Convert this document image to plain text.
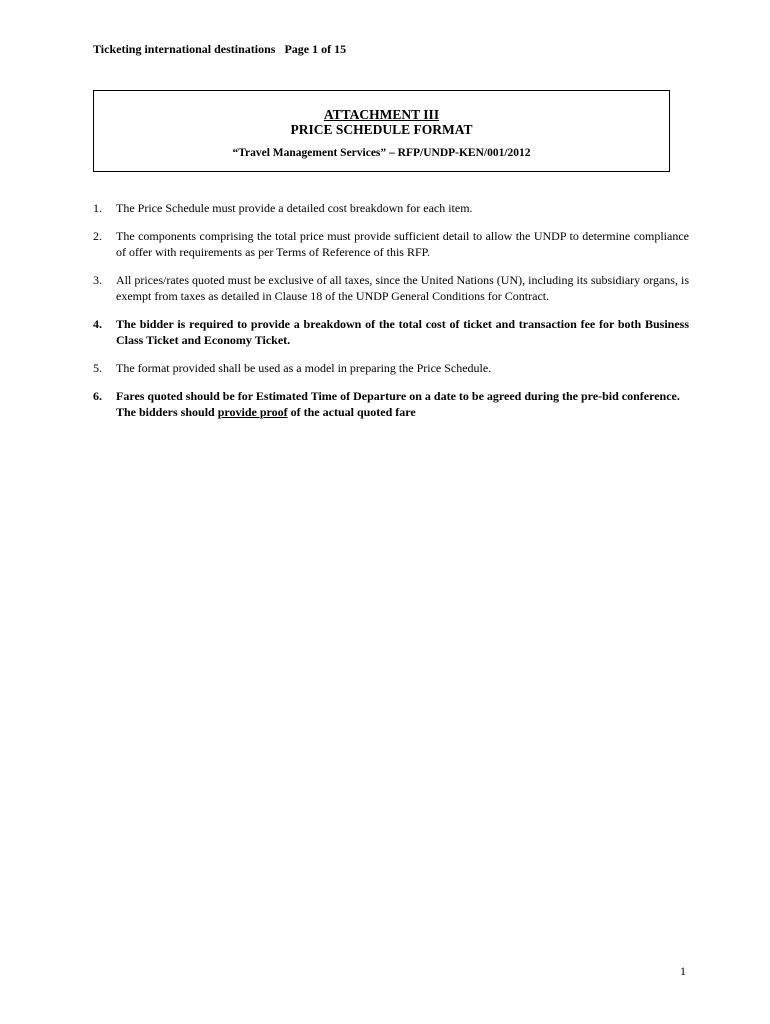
Ticketing international destinations Page 1 of 15
ATTACHMENT III
PRICE SCHEDULE FORMAT
“Travel Management Services” – RFP/UNDP-KEN/001/2012
1. The Price Schedule must provide a detailed cost breakdown for each item.
2. The components comprising the total price must provide sufficient detail to allow the UNDP to determine compliance of offer with requirements as per Terms of Reference of this RFP.
3. All prices/rates quoted must be exclusive of all taxes, since the United Nations (UN), including its subsidiary organs, is exempt from taxes as detailed in Clause 18 of the UNDP General Conditions for Contract.
4. The bidder is required to provide a breakdown of the total cost of ticket and transaction fee for both Business Class Ticket and Economy Ticket.
5. The format provided shall be used as a model in preparing the Price Schedule.
6. Fares quoted should be for Estimated Time of Departure on a date to be agreed during the pre-bid conference. The bidders should provide proof of the actual quoted fare
1
